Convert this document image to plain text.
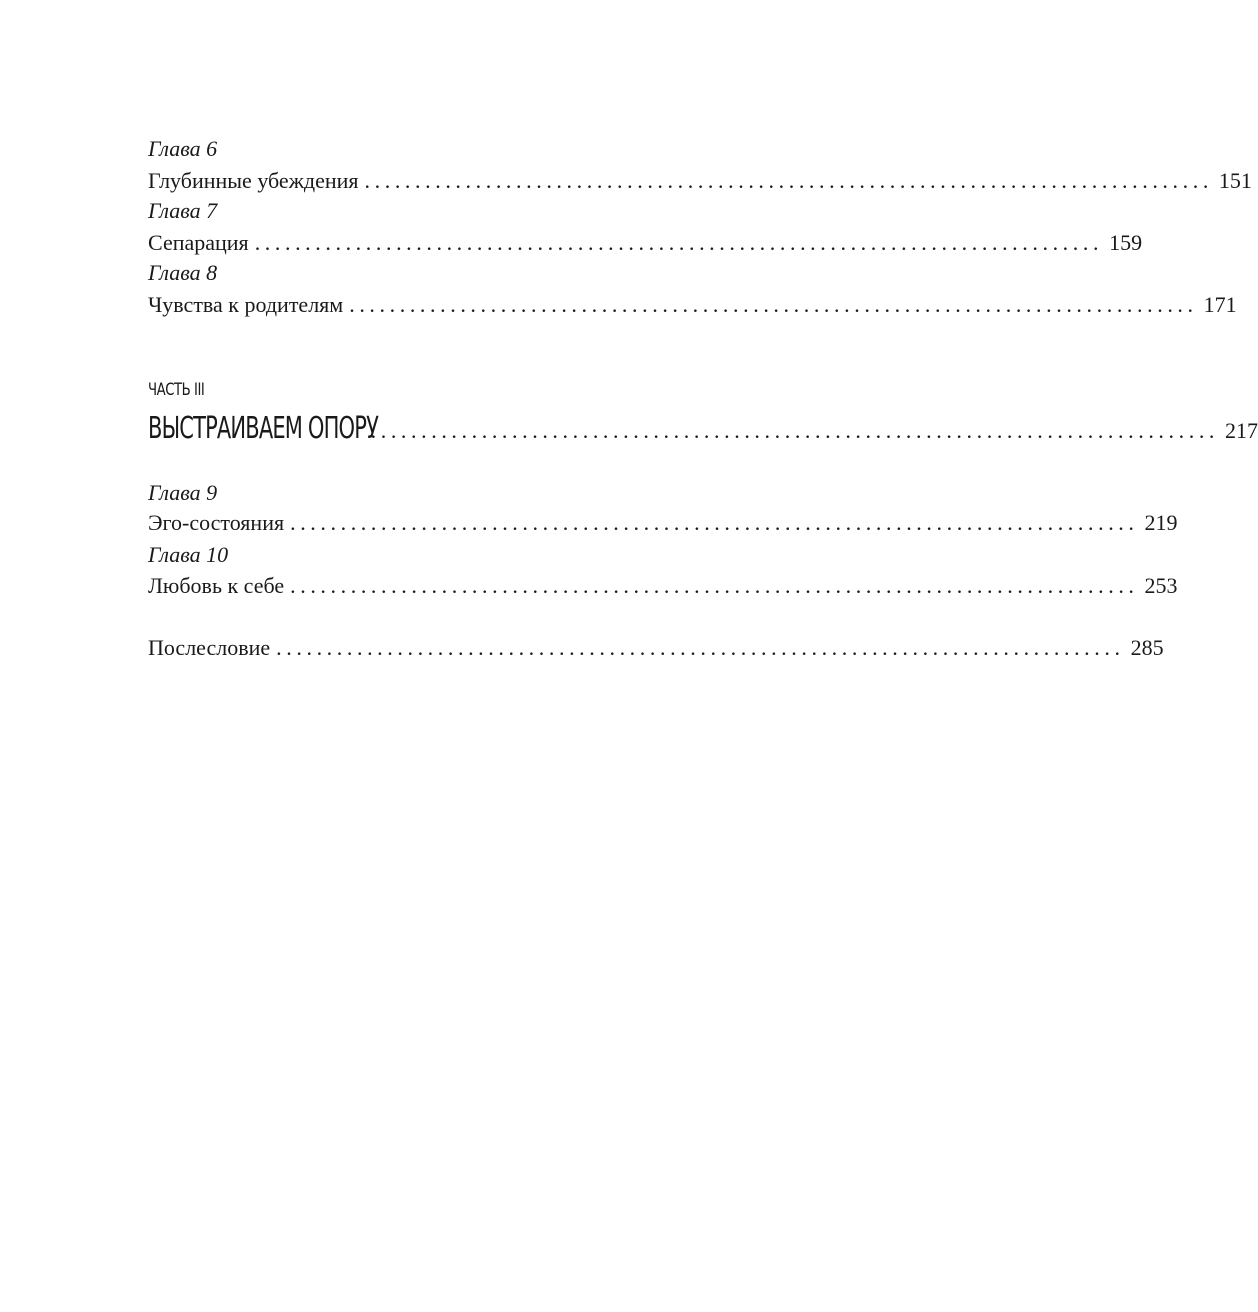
Глава 6
Глубинные убеждения .................................................................................... 151
Глава 7
Сепарация .................................................................................... 159
Глава 8
Чувства к родителям .................................................................................... 171
ЧАСТЬ III
ВЫСТРАИВАЕМ ОПОРУ
.................................................................................... 217
Глава 9
Эго-состояния .................................................................................... 219
Глава 10
Любовь к себе .................................................................................... 253
Послесловие .................................................................................... 285
